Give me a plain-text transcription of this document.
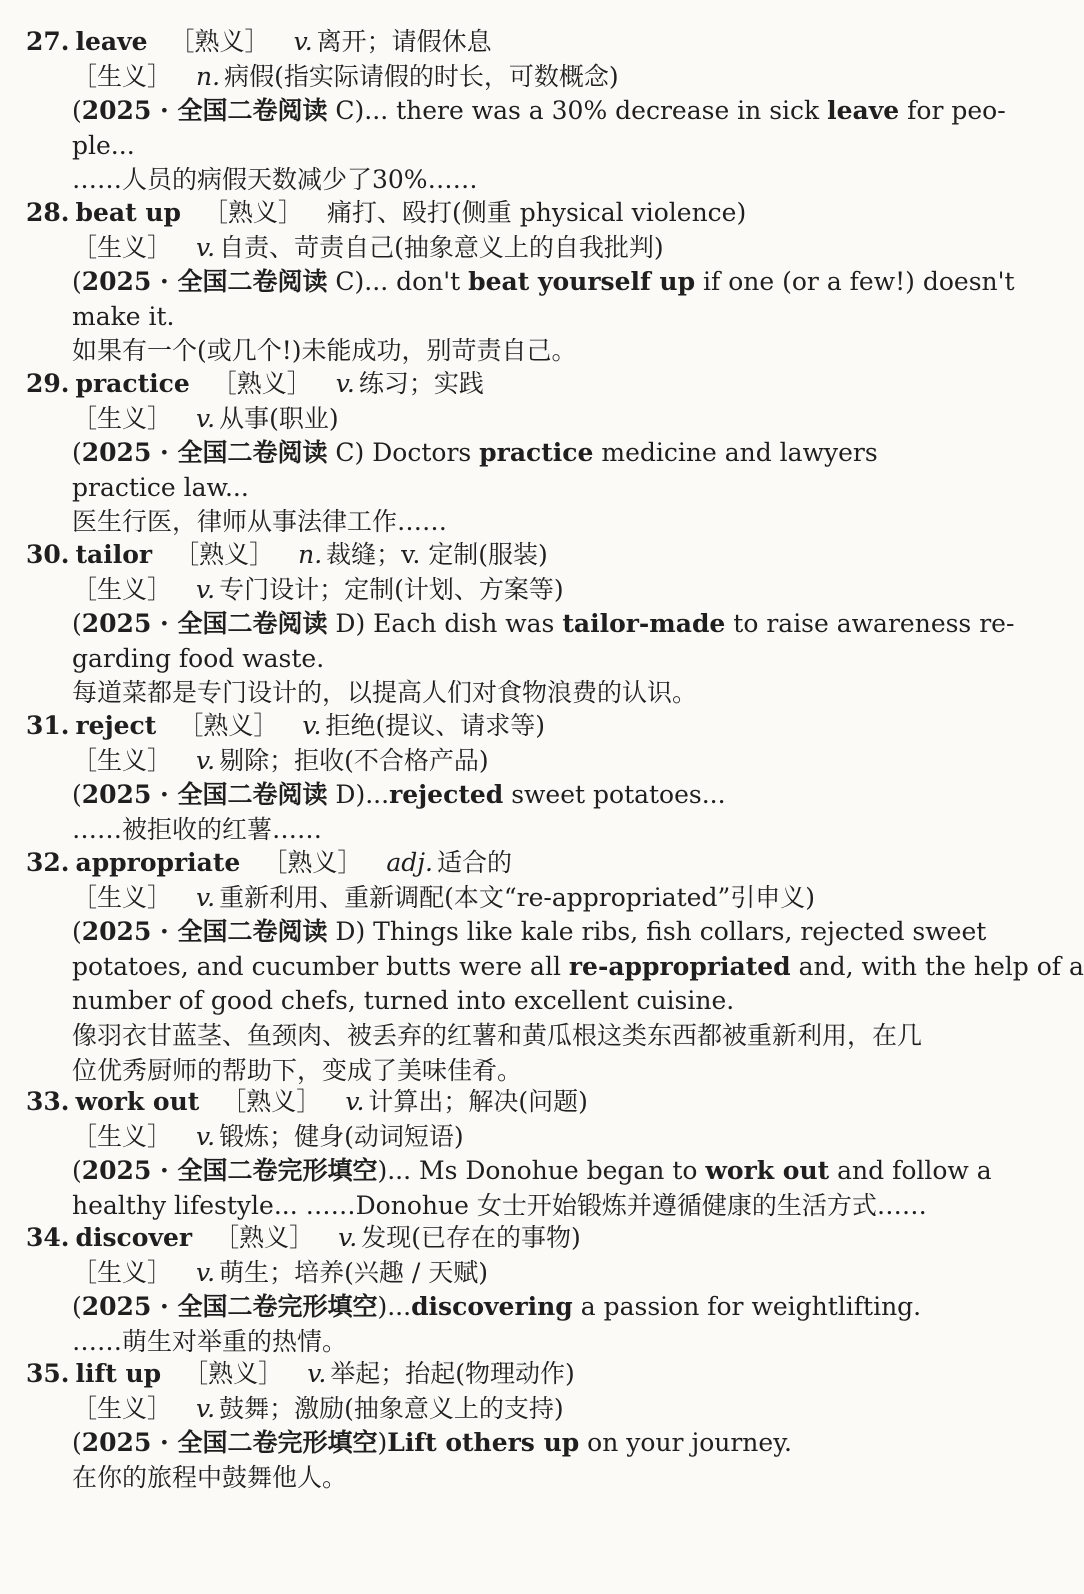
27. leave ［熟义］ v. 离开；请假休息
［生义］ n. 病假(指实际请假的时长，可数概念)
(2025 · 全国二卷阅读 C)... there was a 30% decrease in sick leave for peo-
ple...
……人员的病假天数减少了30%……
28. beat up ［熟义］ 痛打、殴打(侧重 physical violence)
［生义］ v. 自责、苛责自己(抽象意义上的自我批判)
(2025 · 全国二卷阅读 C)... don't beat yourself up if one (or a few!) doesn't
make it.
如果有一个(或几个!)未能成功，别苛责自己。
29. practice ［熟义］ v. 练习；实践
［生义］ v. 从事(职业)
(2025 · 全国二卷阅读 C) Doctors practice medicine and lawyers
practice law...
医生行医，律师从事法律工作……
30. tailor ［熟义］ n. 裁缝；v. 定制(服装)
［生义］ v. 专门设计；定制(计划、方案等)
(2025 · 全国二卷阅读 D) Each dish was tailor-made to raise awareness re-
garding food waste.
每道菜都是专门设计的，以提高人们对食物浪费的认识。
31. reject ［熟义］ v. 拒绝(提议、请求等)
［生义］ v. 剔除；拒收(不合格产品)
(2025 · 全国二卷阅读 D)...rejected sweet potatoes...
……被拒收的红薯……
32. appropriate ［熟义］ adj. 适合的
［生义］ v. 重新利用、重新调配(本文“re-appropriated”引申义)
(2025 · 全国二卷阅读 D) Things like kale ribs, fish collars, rejected sweet
potatoes, and cucumber butts were all re-appropriated and, with the help of a
number of good chefs, turned into excellent cuisine.
像羽衣甘蓝茎、鱼颈肉、被丢弃的红薯和黄瓜根这类东西都被重新利用，在几
位优秀厨师的帮助下，变成了美味佳肴。
33. work out ［熟义］ v. 计算出；解决(问题)
［生义］ v. 锻炼；健身(动词短语)
(2025 · 全国二卷完形填空)... Ms Donohue began to work out and follow a
healthy lifestyle... ……Donohue 女士开始锻炼并遵循健康的生活方式……
34. discover ［熟义］ v. 发现(已存在的事物)
［生义］ v. 萌生；培养(兴趣 / 天赋)
(2025 · 全国二卷完形填空)...discovering a passion for weightlifting.
……萌生对举重的热情。
35. lift up ［熟义］ v. 举起；抬起(物理动作)
［生义］ v. 鼓舞；激励(抽象意义上的支持)
(2025 · 全国二卷完形填空)Lift others up on your journey.
在你的旅程中鼓舞他人。
